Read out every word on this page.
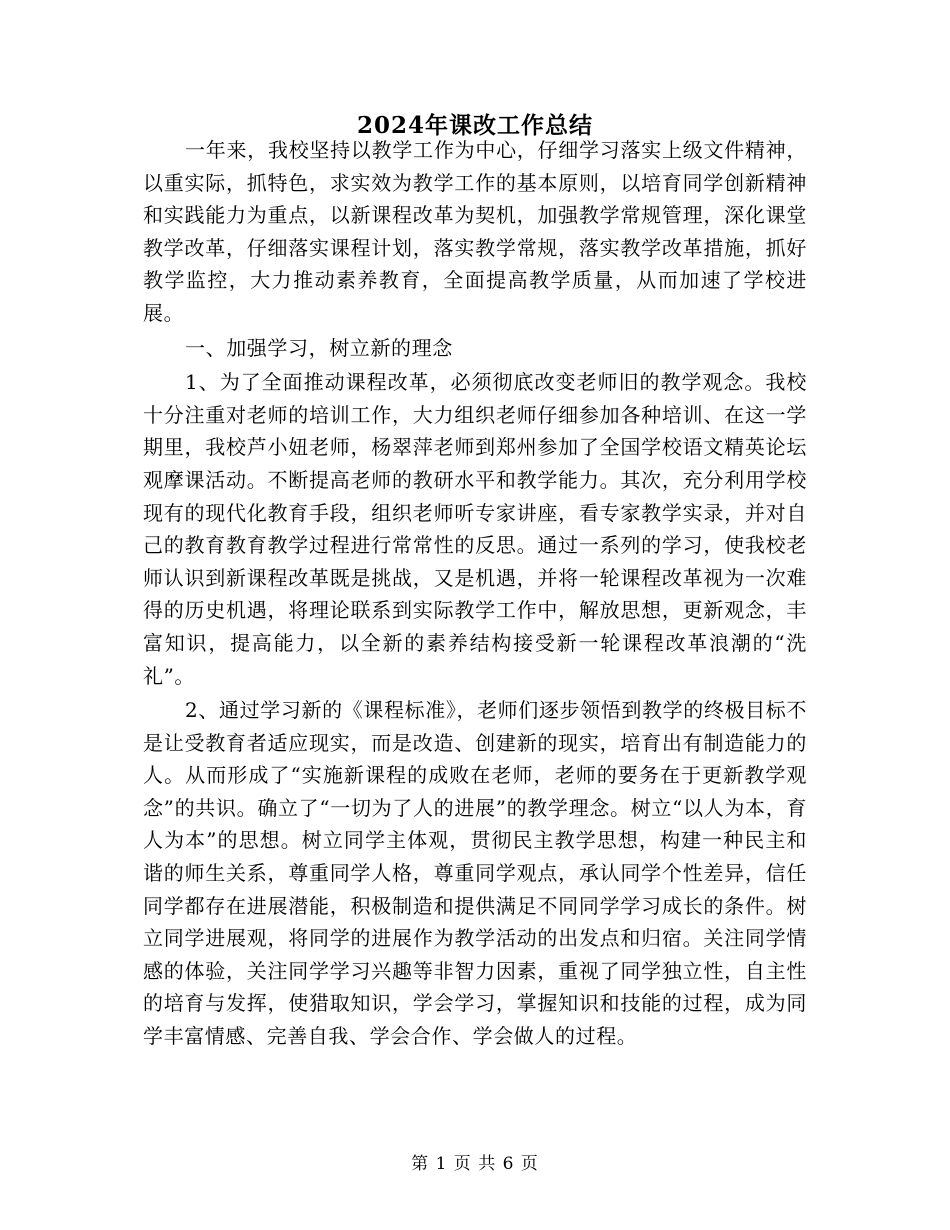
2024年课改工作总结

一年来，我校坚持以教学工作为中心，仔细学习落实上级文件精神，以重实际，抓特色，求实效为教学工作的基本原则，以培育同学创新精神和实践能力为重点，以新课程改革为契机，加强教学常规管理，深化课堂教学改革，仔细落实课程计划，落实教学常规，落实教学改革措施，抓好教学监控，大力推动素养教育，全面提高教学质量，从而加速了学校进展。

一、加强学习，树立新的理念

1、为了全面推动课程改革，必须彻底改变老师旧的教学观念。我校十分注重对老师的培训工作，大力组织老师仔细参加各种培训、在这一学期里，我校芦小妞老师，杨翠萍老师到郑州参加了全国学校语文精英论坛观摩课活动。不断提高老师的教研水平和教学能力。其次，充分利用学校现有的现代化教育手段，组织老师听专家讲座，看专家教学实录，并对自己的教育教育教学过程进行常常性的反思。通过一系列的学习，使我校老师认识到新课程改革既是挑战，又是机遇，并将一轮课程改革视为一次难得的历史机遇，将理论联系到实际教学工作中，解放思想，更新观念，丰富知识，提高能力，以全新的素养结构接受新一轮课程改革浪潮的“洗礼”。

2、通过学习新的《课程标准》，老师们逐步领悟到教学的终极目标不是让受教育者适应现实，而是改造、创建新的现实，培育出有制造能力的人。从而形成了“实施新课程的成败在老师，老师的要务在于更新教学观念”的共识。确立了“一切为了人的进展”的教学理念。树立“以人为本，育人为本”的思想。树立同学主体观，贯彻民主教学思想，构建一种民主和谐的师生关系，尊重同学人格，尊重同学观点，承认同学个性差异，信任同学都存在进展潜能，积极制造和提供满足不同同学学习成长的条件。树立同学进展观，将同学的进展作为教学活动的出发点和归宿。关注同学情感的体验，关注同学学习兴趣等非智力因素，重视了同学独立性，自主性的培育与发挥，使猎取知识，学会学习，掌握知识和技能的过程，成为同学丰富情感、完善自我、学会合作、学会做人的过程。

第 1 页 共 6 页
